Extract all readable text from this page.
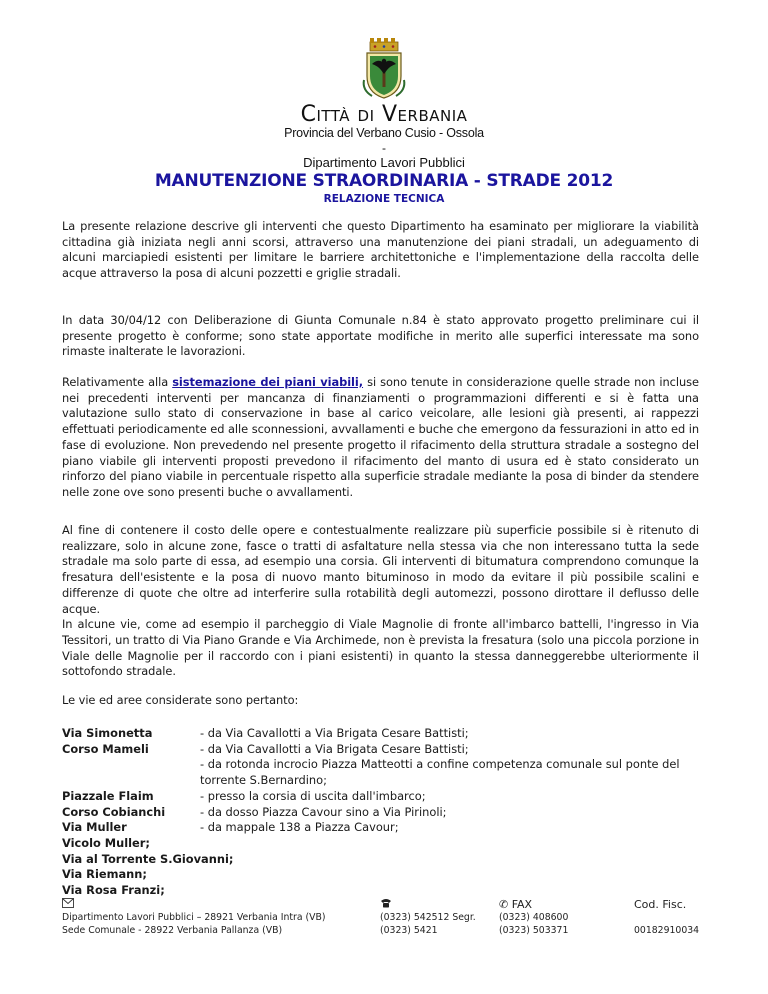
Città di Verbania
Provincia del Verbano Cusio - Ossola
-
Dipartimento Lavori Pubblici
MANUTENZIONE STRAORDINARIA - STRADE 2012
RELAZIONE TECNICA
La presente relazione descrive gli interventi che questo Dipartimento ha esaminato per migliorare la viabilità cittadina già iniziata negli anni scorsi, attraverso una manutenzione dei piani stradali, un adeguamento di alcuni marciapiedi esistenti per limitare le barriere architettoniche e l'implementazione della raccolta delle acque attraverso la posa di alcuni pozzetti e griglie stradali.
In data 30/04/12 con Deliberazione di Giunta Comunale n.84 è stato approvato progetto preliminare cui il presente progetto è conforme; sono state apportate modifiche in merito alle superfici interessate ma sono rimaste inalterate le lavorazioni.
Relativamente alla sistemazione dei piani viabili, si sono tenute in considerazione quelle strade non incluse nei precedenti interventi per mancanza di finanziamenti o programmazioni differenti e si è fatta una valutazione sullo stato di conservazione in base al carico veicolare, alle lesioni già presenti, ai rappezzi effettuati periodicamente ed alle sconnessioni, avvallamenti e buche che emergono da fessurazioni in atto ed in fase di evoluzione. Non prevedendo nel presente progetto il rifacimento della struttura stradale a sostegno del piano viabile gli interventi proposti prevedono il rifacimento del manto di usura ed è stato considerato un rinforzo del piano viabile in percentuale rispetto alla superficie stradale mediante la posa di binder da stendere nelle zone ove sono presenti buche o avvallamenti.
Al fine di contenere il costo delle opere e contestualmente realizzare più superficie possibile si è ritenuto di realizzare, solo in alcune zone, fasce o tratti di asfaltature nella stessa via che non interessano tutta la sede stradale ma solo parte di essa, ad esempio una corsia. Gli interventi di bitumatura comprendono comunque la fresatura dell'esistente e la posa di nuovo manto bituminoso in modo da evitare il più possibile scalini e differenze di quote che oltre ad interferire sulla rotabilità degli automezzi, possono dirottare il deflusso delle acque.
In alcune vie, come ad esempio il parcheggio di Viale Magnolie di fronte all'imbarco battelli, l'ingresso in Via Tessitori, un tratto di Via Piano Grande e Via Archimede, non è prevista la fresatura (solo una piccola porzione in Viale delle Magnolie per il raccordo con i piani esistenti) in quanto la stessa danneggerebbe ulteriormente il sottofondo stradale.
Le vie ed aree considerate sono pertanto:
Via Simonetta	- da Via Cavallotti a Via Brigata Cesare Battisti;
Corso Mameli	- da Via Cavallotti a Via Brigata Cesare Battisti;
- da rotonda incrocio Piazza Matteotti a confine competenza comunale sul ponte del torrente S.Bernardino;
Piazzale Flaim	- presso la corsia di uscita dall'imbarco;
Corso Cobianchi	- da dosso Piazza Cavour sino a Via Pirinoli;
Via Muller	- da mappale 138 a Piazza Cavour;
Vicolo Muller;
Via al Torrente S.Giovanni;
Via Riemann;
Via Rosa Franzi;
Dipartimento Lavori Pubblici – 28921 Verbania Intra (VB)
Sede Comunale - 28922 Verbania Pallanza (VB)
(0323) 542512 Segr.
(0323) 5421
✆ FAX
(0323) 408600
(0323) 503371
Cod. Fisc.

00182910034
